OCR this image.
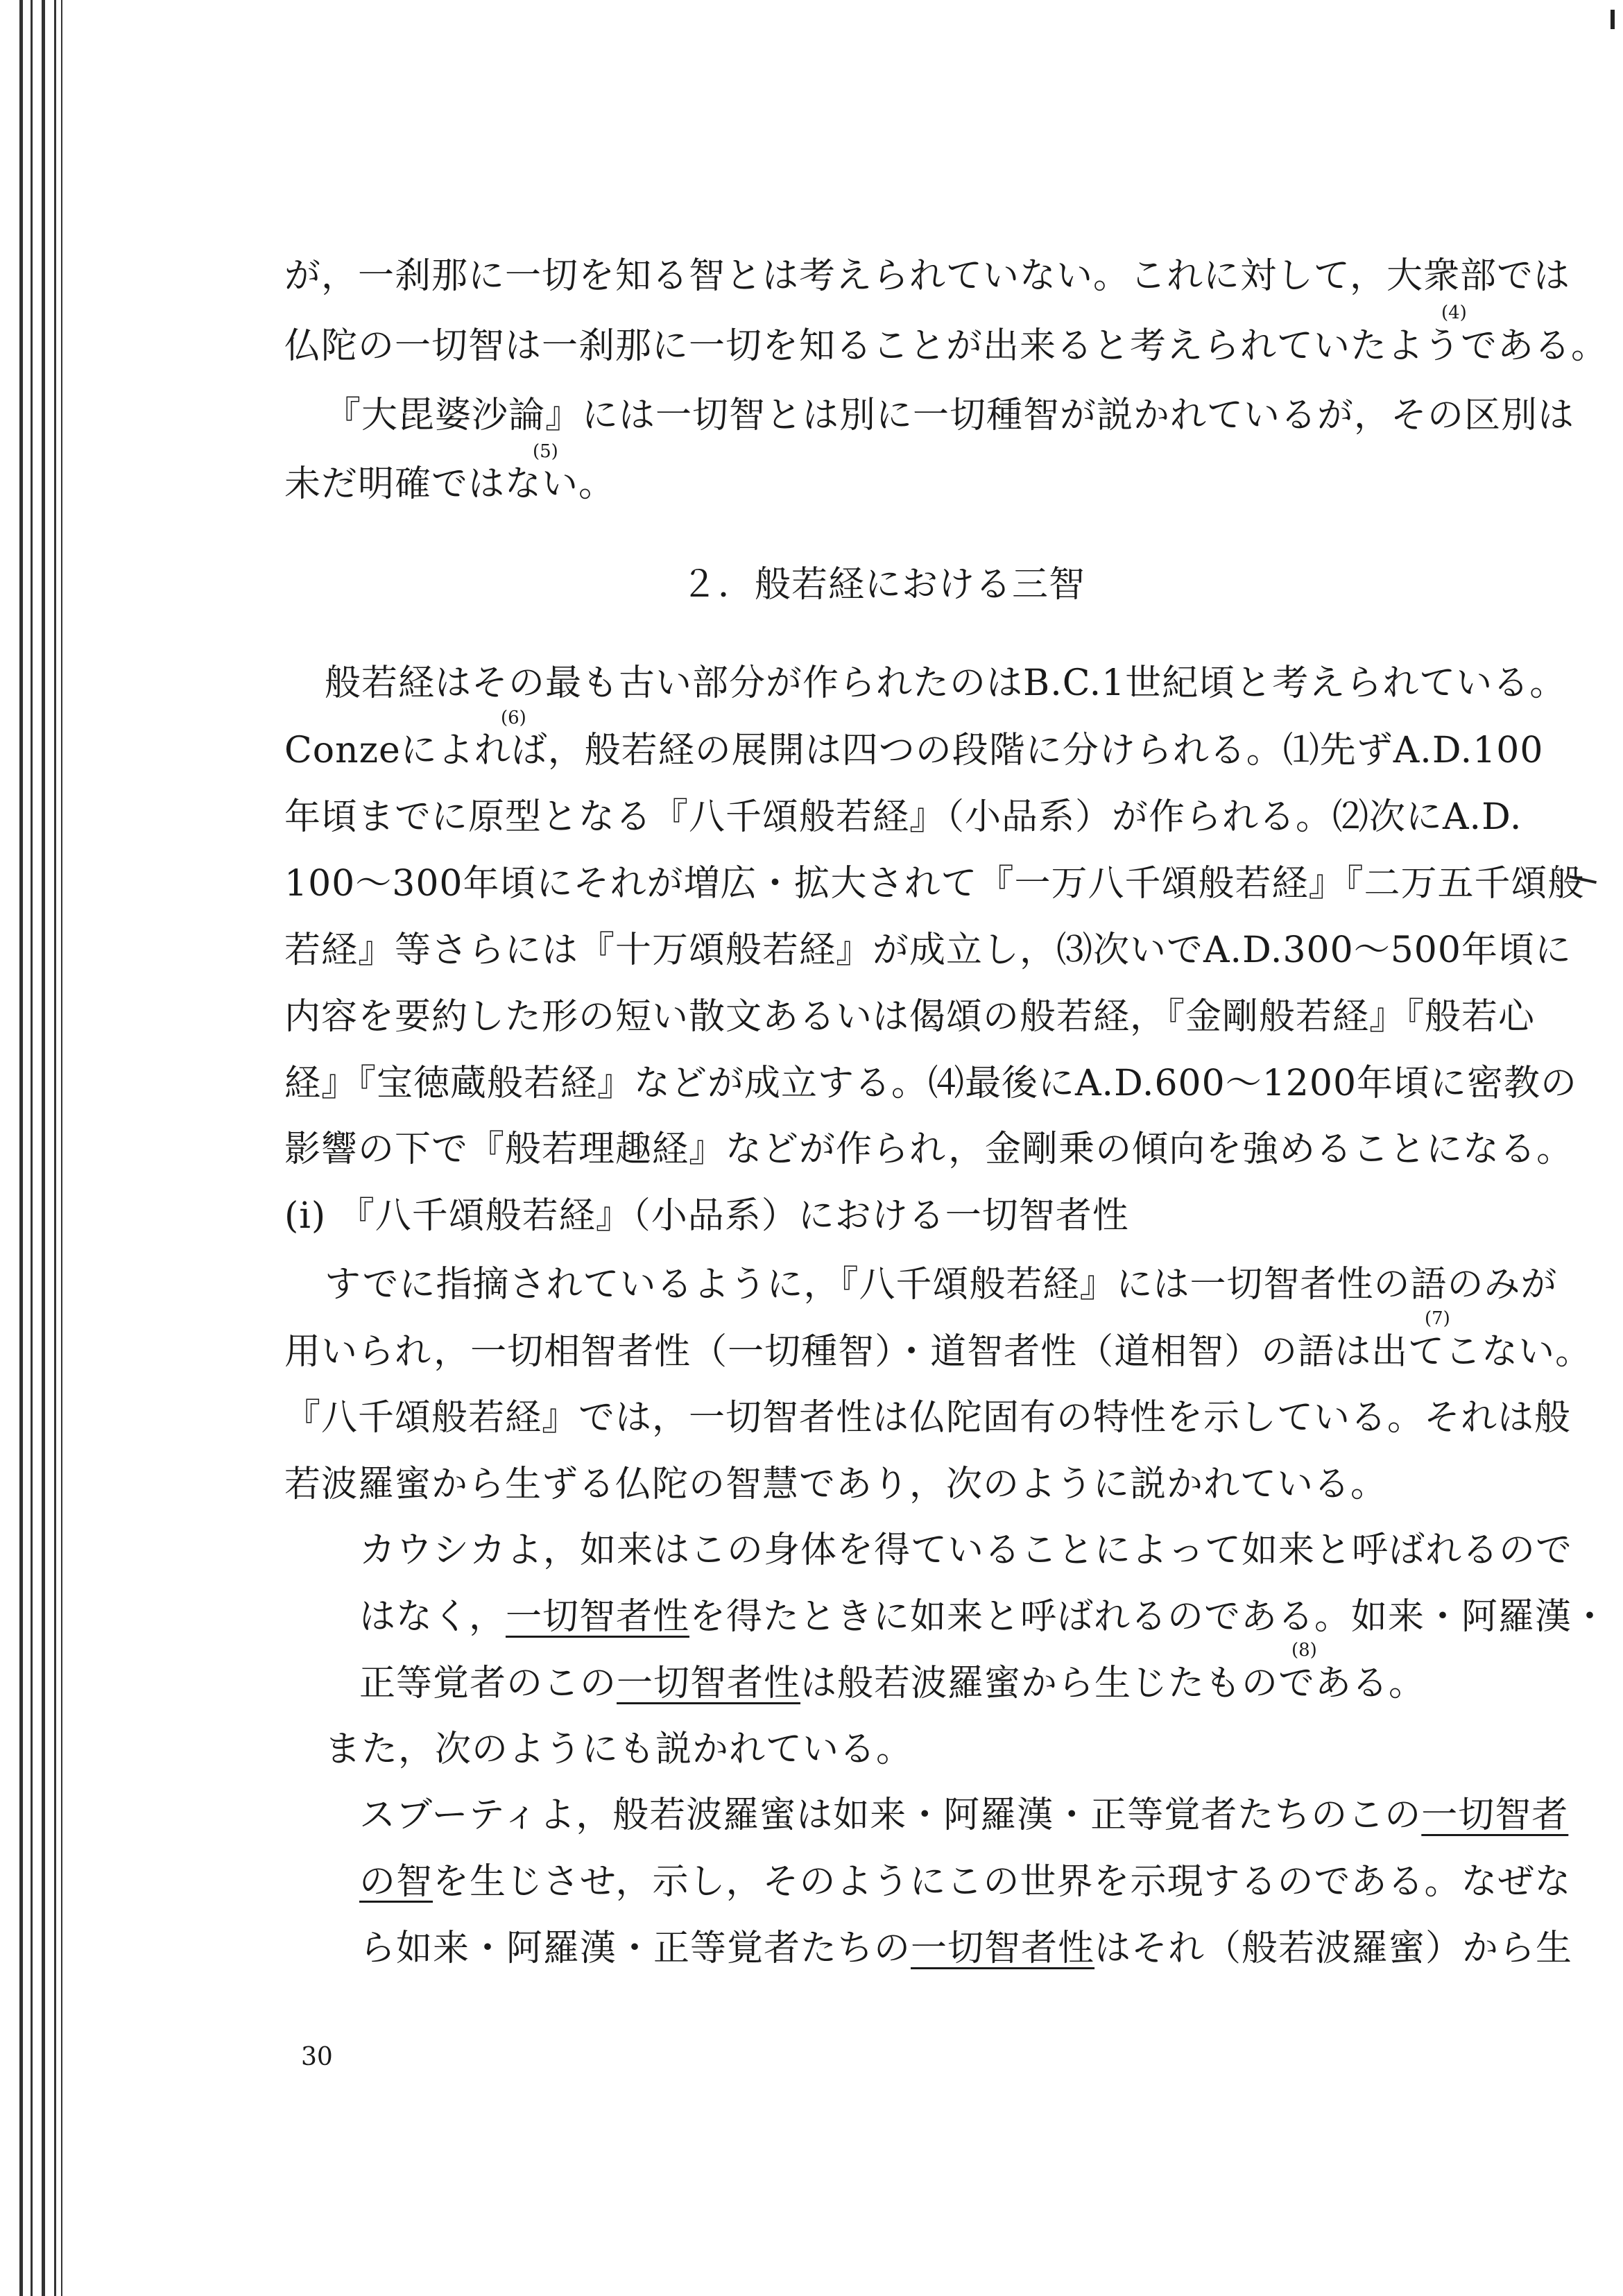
が，一刹那に一切を知る智とは考えられていない。これに対して，大衆部では

仏陀の一切智は一刹那に一切を知ることが出来ると考えられていたようである。

『大毘婆沙論』には一切智とは別に一切種智が説かれているが，その区別は

未だ明確ではない。

２．般若経における三智

般若経はその最も古い部分が作られたのはB.C.1世紀頃と考えられている。

Conzeによれば，般若経の展開は四つの段階に分けられる。⑴先ずA.D.100

年頃までに原型となる『八千頌般若経』（小品系）が作られる。⑵次にA.D.

100～300年頃にそれが増広・拡大されて『一万八千頌般若経』『二万五千頌般

若経』等さらには『十万頌般若経』が成立し，⑶次いでA.D.300～500年頃に

内容を要約した形の短い散文あるいは偈頌の般若経，『金剛般若経』『般若心

経』『宝徳蔵般若経』などが成立する。⑷最後にA.D.600～1200年頃に密教の

影響の下で『般若理趣経』などが作られ，金剛乗の傾向を強めることになる。

(i) 『八千頌般若経』（小品系）における一切智者性

すでに指摘されているように，『八千頌般若経』には一切智者性の語のみが

用いられ，一切相智者性（一切種智）・道智者性（道相智）の語は出てこない。

『八千頌般若経』では，一切智者性は仏陀固有の特性を示している。それは般

若波羅蜜から生ずる仏陀の智慧であり，次のように説かれている。

カウシカよ，如来はこの身体を得ていることによって如来と呼ばれるので

はなく，一切智者性を得たときに如来と呼ばれるのである。如来・阿羅漢・

正等覚者のこの一切智者性は般若波羅蜜から生じたものである。

また，次のようにも説かれている。

スブーティよ，般若波羅蜜は如来・阿羅漢・正等覚者たちのこの一切智者

の智を生じさせ，示し，そのようにこの世界を示現するのである。なぜな

ら如来・阿羅漢・正等覚者たちの一切智者性はそれ（般若波羅蜜）から生

(4)

(5)

(6)

(7)

(8)

30
